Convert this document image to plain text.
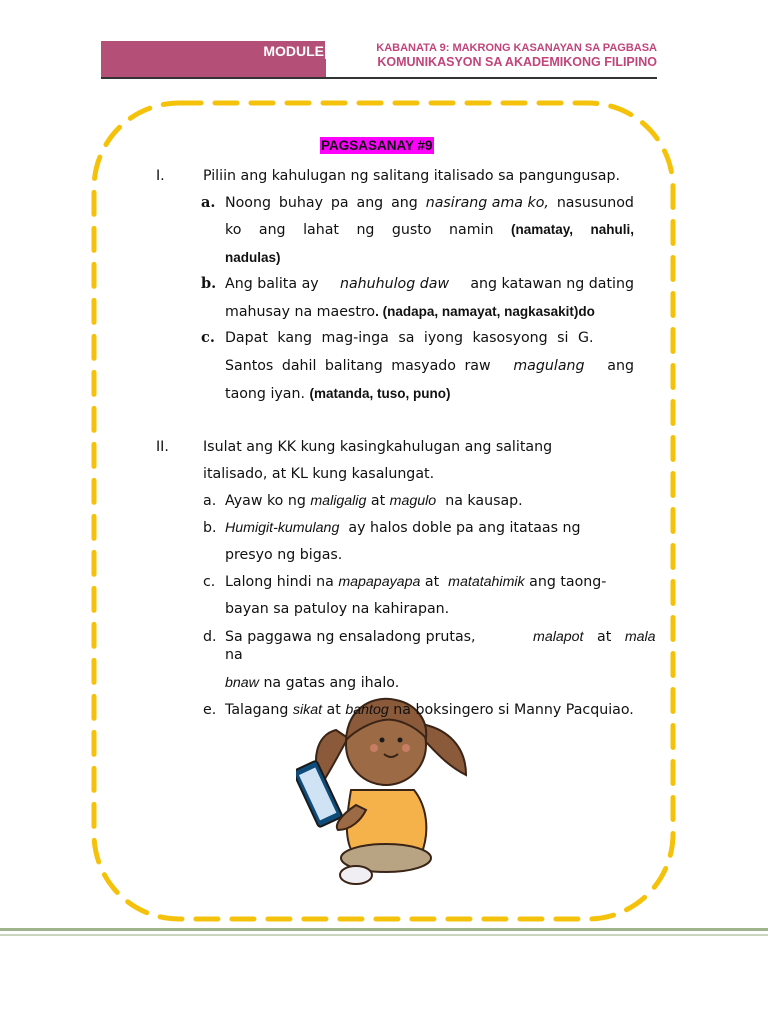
MODULE	KABANATA 9: MAKRONG KASANAYAN SA PAGBASA
KOMUNIKASYON SA AKADEMIKONG FILIPINO
PAGSASANAY #9
I.	Piliin ang kahulugan ng salitang italisado sa pangungusap.
a. Noong buhay pa ang ang nasirang ama ko, nasusunod
ko ang lahat ng gusto namin (namatay, nahuli,
nadulas)
b. Ang balita ay nahuhulog daw ang katawan ng dating
mahusay na maestro. (nadapa, namayat, nagkasakit)do
c. Dapat kang mag-inga sa iyong kasosyong si G.
Santos dahil balitang masyado raw magulang ang
taong iyan. (matanda, tuso, puno)
II. Isulat ang KK kung kasingkahulugan ang salitang
italisado, at KL kung kasalungat.
a. Ayaw ko ng maligalig at magulo na kausap.
b. Humigit-kumulang ay halos doble pa ang itataas ng
presyo ng bigas.
c. Lalong hindi na mapapayapa at matatahimik ang taong-
bayan sa patuloy na kahirapan.
d. Sa paggawa ng ensaladong prutas,	malapot at mala
na
bnaw na gatas ang ihalo.
e. Talagang sikat at bantog na boksingero si Manny Pacquiao.
